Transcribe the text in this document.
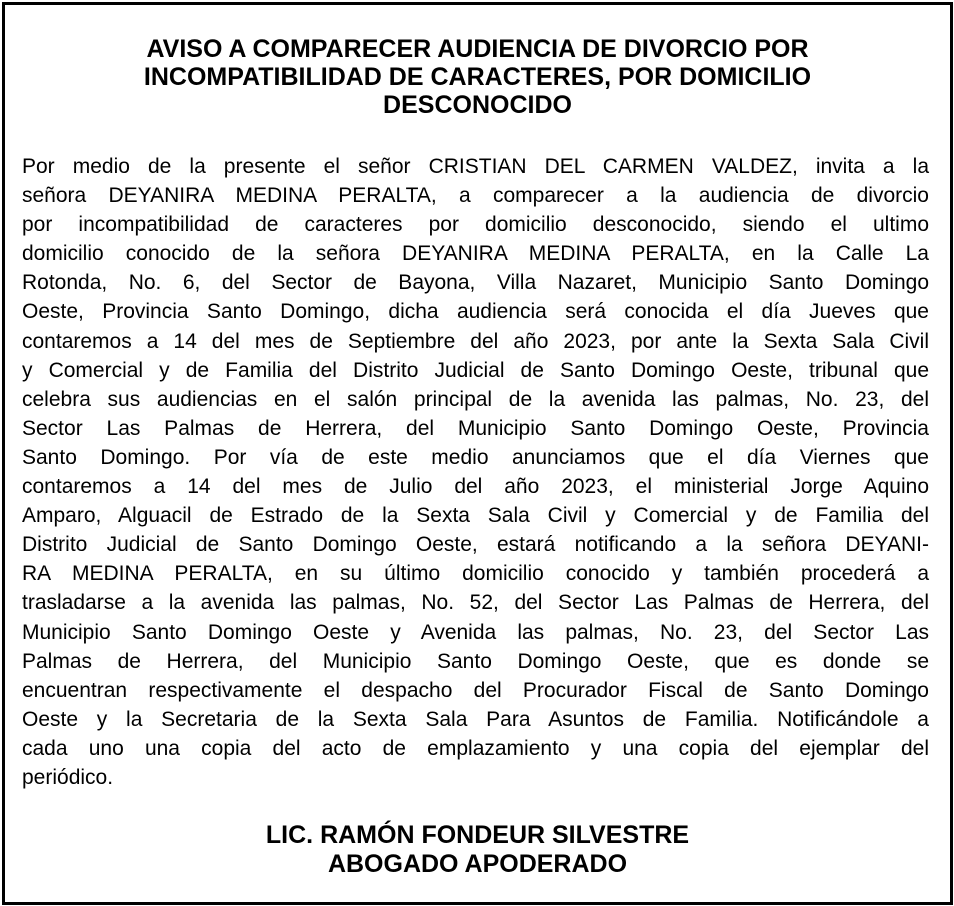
AVISO A COMPARECER AUDIENCIA DE DIVORCIO POR
INCOMPATIBILIDAD DE CARACTERES, POR DOMICILIO
DESCONOCIDO
Por medio de la presente el señor CRISTIAN DEL CARMEN VALDEZ, invita a la
señora DEYANIRA MEDINA PERALTA, a comparecer a la audiencia de divorcio
por incompatibilidad de caracteres por domicilio desconocido, siendo el ultimo
domicilio conocido de la señora DEYANIRA MEDINA PERALTA, en la Calle La
Rotonda, No. 6, del Sector de Bayona, Villa Nazaret, Municipio Santo Domingo
Oeste, Provincia Santo Domingo, dicha audiencia será conocida el día Jueves que
contaremos a 14 del mes de Septiembre del año 2023, por ante la Sexta Sala Civil
y Comercial y de Familia del Distrito Judicial de Santo Domingo Oeste, tribunal que
celebra sus audiencias en el salón principal de la avenida las palmas, No. 23, del
Sector Las Palmas de Herrera, del Municipio Santo Domingo Oeste, Provincia
Santo Domingo. Por vía de este medio anunciamos que el día Viernes que
contaremos a 14 del mes de Julio del año 2023, el ministerial Jorge Aquino
Amparo, Alguacil de Estrado de la Sexta Sala Civil y Comercial y de Familia del
Distrito Judicial de Santo Domingo Oeste, estará notificando a la señora DEYANI-
RA MEDINA PERALTA, en su último domicilio conocido y también procederá a
trasladarse a la avenida las palmas, No. 52, del Sector Las Palmas de Herrera, del
Municipio Santo Domingo Oeste y Avenida las palmas, No. 23, del Sector Las
Palmas de Herrera, del Municipio Santo Domingo Oeste, que es donde se
encuentran respectivamente el despacho del Procurador Fiscal de Santo Domingo
Oeste y la Secretaria de la Sexta Sala Para Asuntos de Familia. Notificándole a
cada uno una copia del acto de emplazamiento y una copia del ejemplar del
periódico.
LIC. RAMÓN FONDEUR SILVESTRE
ABOGADO APODERADO
